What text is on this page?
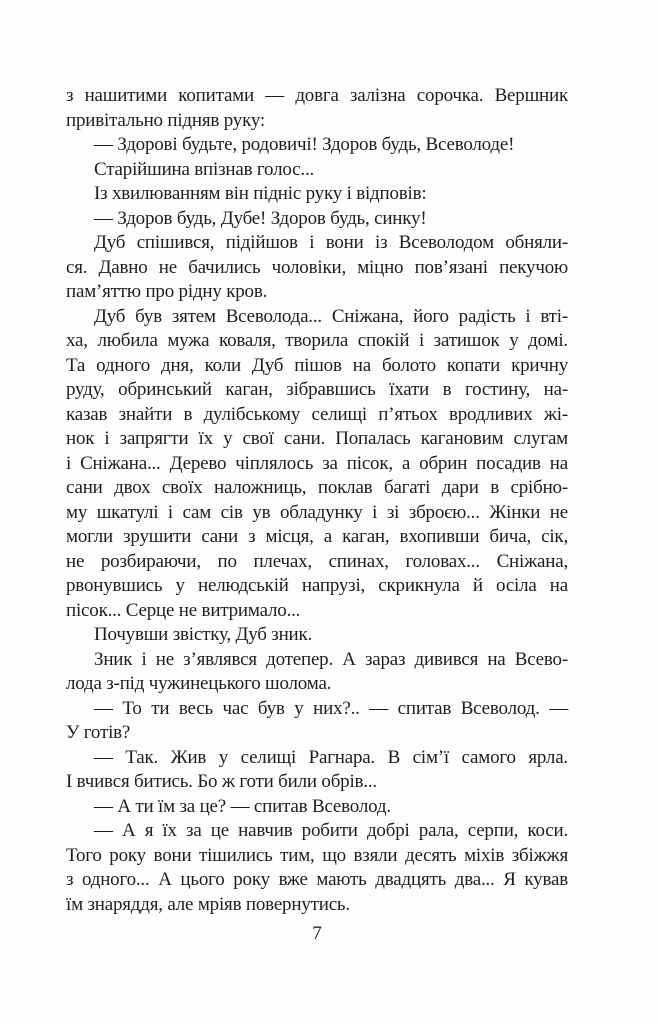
з нашитими копитами — довга залізна сорочка. Вершник
привітально підняв руку:
— Здорові будьте, родовичі! Здоров будь, Всеволоде!
Старійшина впізнав голос...
Із хвилюванням він підніс руку і відповів:
— Здоров будь, Дубе! Здоров будь, синку!
Дуб спішився, підійшов і вони із Всеволодом обняли-
ся. Давно не бачились чоловіки, міцно пов’язані пекучою
пам’яттю про рідну кров.
Дуб був зятем Всеволода... Сніжана, його радість і вті-
ха, любила мужа коваля, творила спокій і затишок у домі.
Та одного дня, коли Дуб пішов на болото копати кричну
руду, обринський каган, зібравшись їхати в гостину, на-
казав знайти в дулібському селищі п’ятьох вродливих жі-
нок і запрягти їх у свої сани. Попалась кагановим слугам
і Сніжана... Дерево чіплялось за пісок, а обрин посадив на
сани двох своїх наложниць, поклав багаті дари в срібно-
му шкатулі і сам сів ув обладунку і зі зброєю... Жінки не
могли зрушити сани з місця, а каган, вхопивши бича, сік,
не розбираючи, по плечах, спинах, головах... Сніжана,
рвонувшись у нелюдській напрузі, скрикнула й осіла на
пісок... Серце не витримало...
Почувши звістку, Дуб зник.
Зник і не з’являвся дотепер. А зараз дивився на Всево-
лода з-під чужинецького шолома.
— То ти весь час був у них?.. — спитав Всеволод. —
У готів?
— Так. Жив у селищі Рагнара. В сім’ї самого ярла.
І вчився битись. Бо ж готи били обрів...
— А ти їм за це? — спитав Всеволод.
— А я їх за це навчив робити добрі рала, серпи, коси.
Того року вони тішились тим, що взяли десять міхів збіжжя
з одного... А цього року вже мають двадцять два... Я кував
їм знаряддя, але мріяв повернутись.
7
